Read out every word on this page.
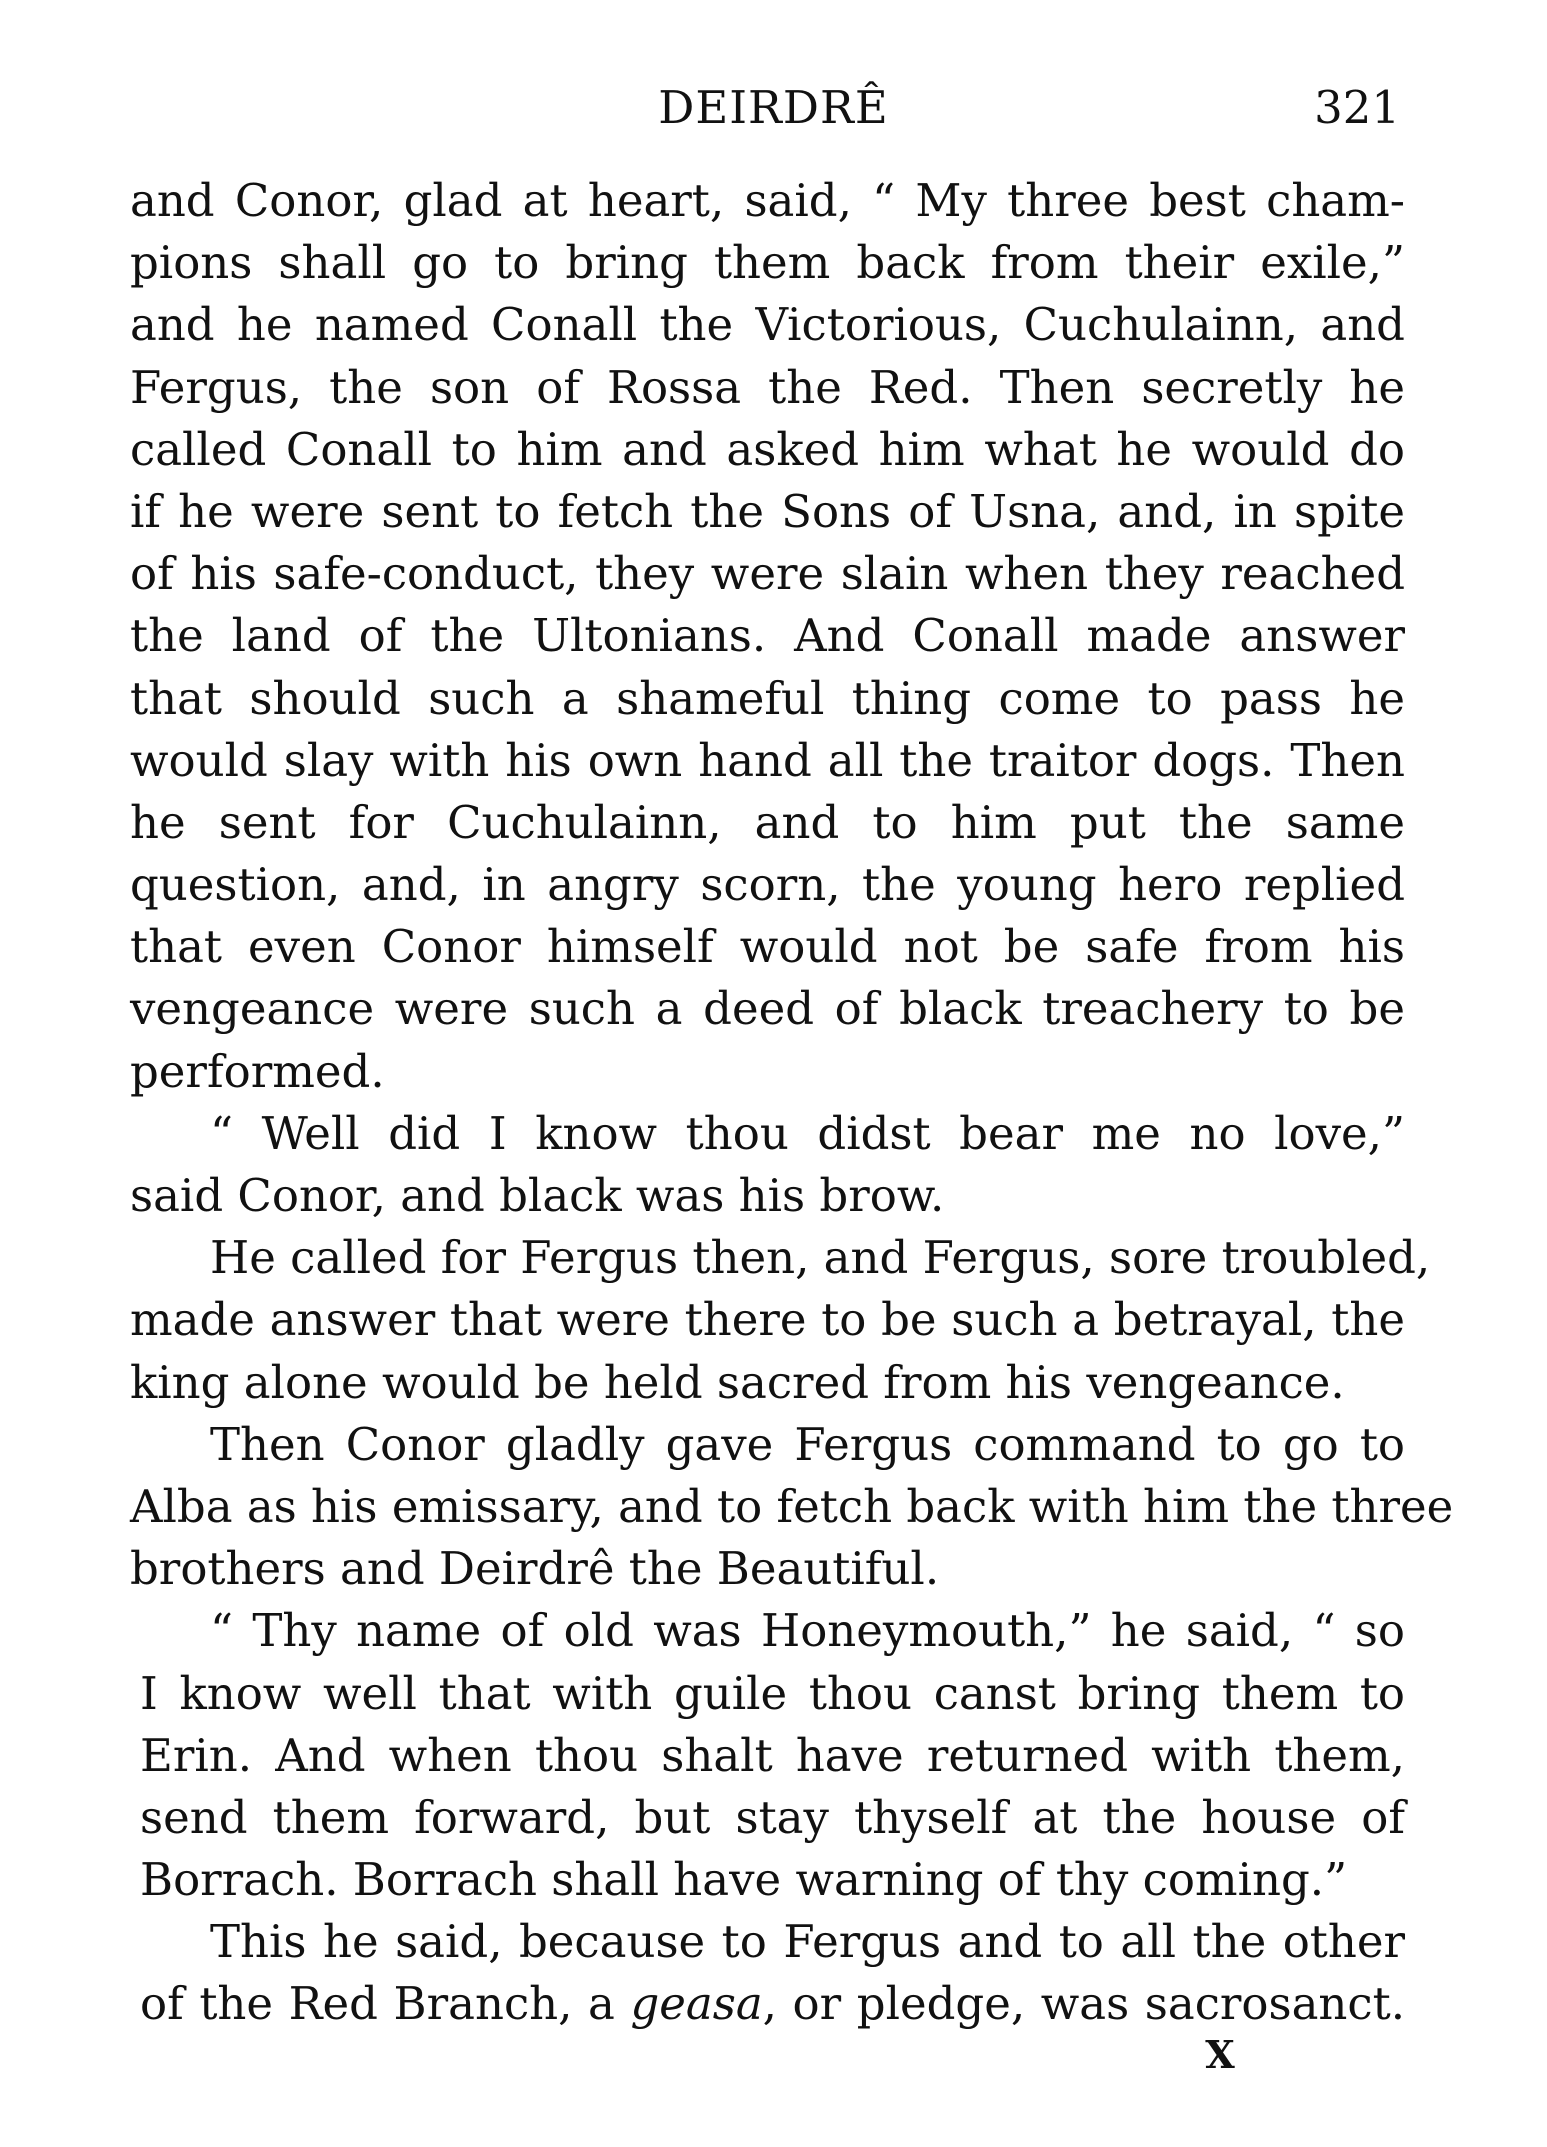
DEIRDRÊ	321
and Conor, glad at heart, said, “ My three best cham-
pions shall go to bring them back from their exile,”
and he named Conall the Victorious, Cuchulainn, and
Fergus, the son of Rossa the Red. Then secretly he
called Conall to him and asked him what he would do
if he were sent to fetch the Sons of Usna, and, in spite
of his safe-conduct, they were slain when they reached
the land of the Ultonians. And Conall made answer
that should such a shameful thing come to pass he
would slay with his own hand all the traitor dogs. Then
he sent for Cuchulainn, and to him put the same
question, and, in angry scorn, the young hero replied
that even Conor himself would not be safe from his
vengeance were such a deed of black treachery to be
performed.
“ Well did I know thou didst bear me no love,”
said Conor, and black was his brow.
He called for Fergus then, and Fergus, sore troubled,
made answer that were there to be such a betrayal, the
king alone would be held sacred from his vengeance.
Then Conor gladly gave Fergus command to go to
Alba as his emissary, and to fetch back with him the three
brothers and Deirdrê the Beautiful.
“ Thy name of old was Honeymouth,” he said, “ so
I know well that with guile thou canst bring them to
Erin. And when thou shalt have returned with them,
send them forward, but stay thyself at the house of
Borrach. Borrach shall have warning of thy coming.”
This he said, because to Fergus and to all the other
of the Red Branch, a geasa, or pledge, was sacrosanct.
X
